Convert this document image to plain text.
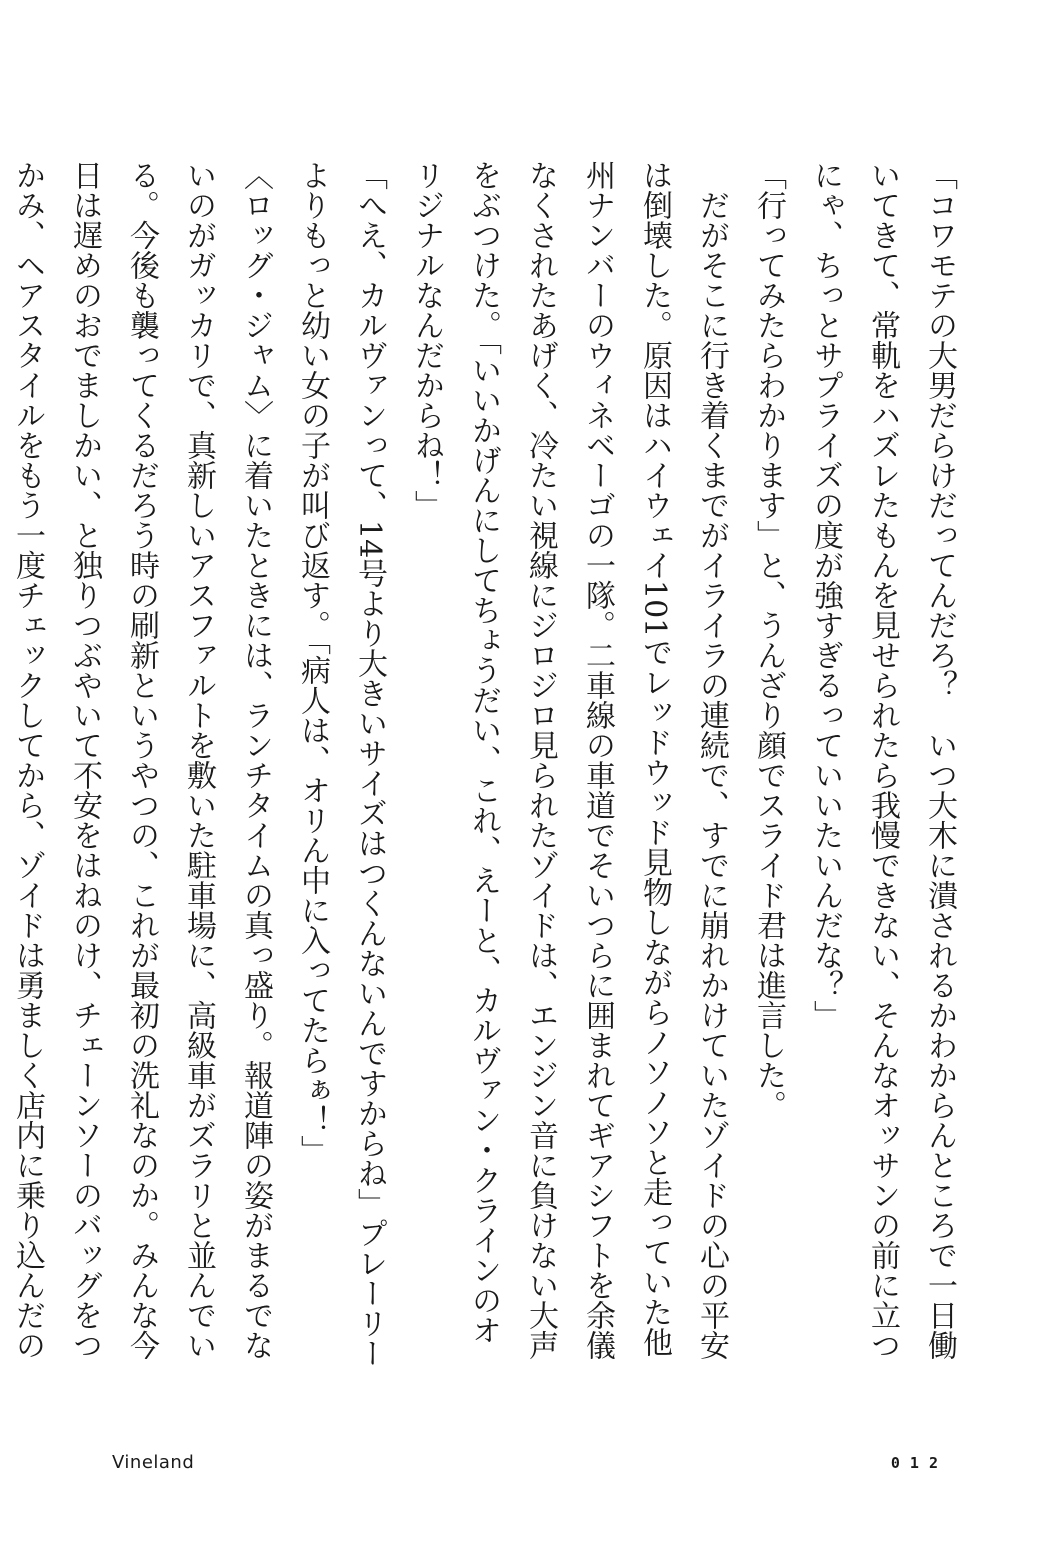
「コワモテの大男だらけだってんだろ？　いつ大木に潰されるかわからんところで一日働いてきて、常軌をハズレたもんを見せられたら我慢できない、そんなオッサンの前に立つにゃ、ちっとサプライズの度が強すぎるっていいたいんだな？」

「行ってみたらわかります」と、うんざり顔でスライド君は進言した。

だがそこに行き着くまでがイライラの連続で、すでに崩れかけていたゾイドの心の平安は倒壊した。原因はハイウェイ101でレッドウッド見物しながらノソノソと走っていた他州ナンバーのウィネベーゴの一隊。二車線の車道でそいつらに囲まれてギアシフトを余儀なくされたあげく、冷たい視線にジロジロ見られたゾイドは、エンジン音に負けない大声をぶつけた。「いいかげんにしてちょうだい、これ、えーと、カルヴァン・クラインのオリジナルなんだからね！」

「へえ、カルヴァンって、14号より大きいサイズはつくんないんですからね」プレーリーよりもっと幼い女の子が叫び返す。「病人は、オリん中に入ってたらぁ！」

〈ロッグ・ジャム〉に着いたときには、ランチタイムの真っ盛り。報道陣の姿がまるでないのがガッカリで、真新しいアスファルトを敷いた駐車場に、高級車がズラリと並んでいる。今後も襲ってくるだろう時の刷新というやつの、これが最初の洗礼なのか。みんな今日は遅めのおでましかい、と独りつぶやいて不安をはねのけ、チェーンソーのバッグをつかみ、ヘアスタイルをもう一度チェックしてから、ゾイドは勇ましく店内に乗り込んだの

Vineland	012
